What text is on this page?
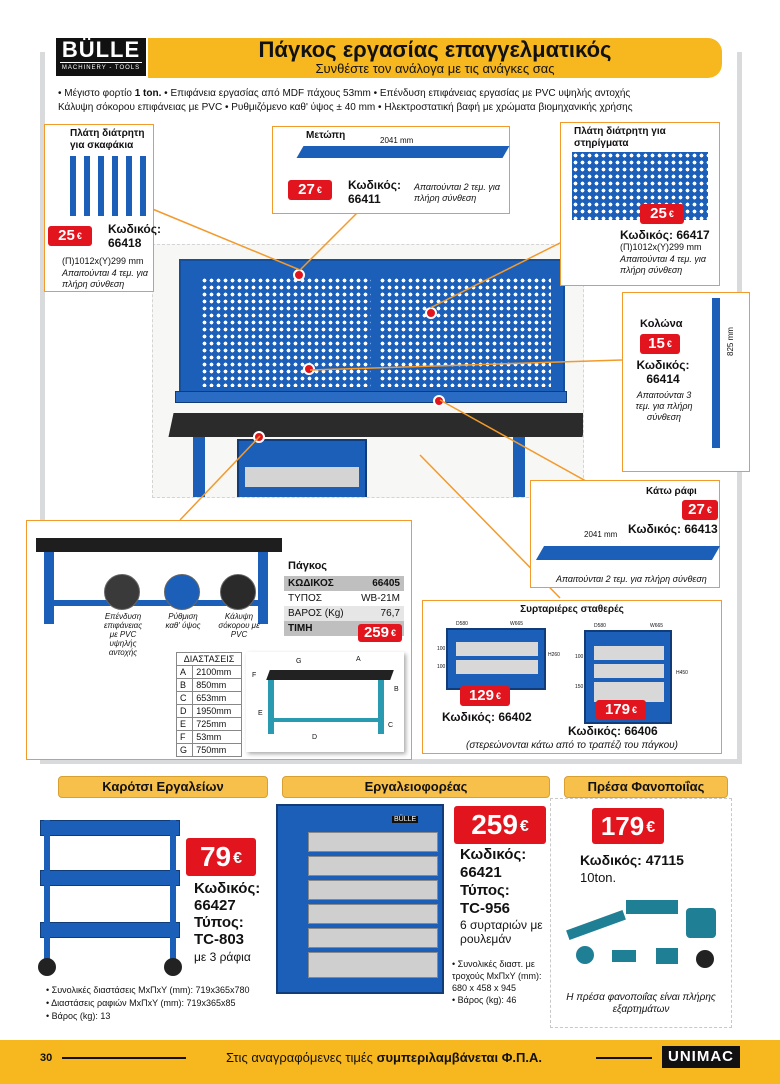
BÜLLE
MACHINERY - TOOLS
Πάγκος εργασίας επαγγελματικός
Συνθέστε τον ανάλογα με τις ανάγκες σας
• Μέγιστο φορτίο 1 ton. • Επιφάνεια εργασίας από MDF πάχους 53mm • Επένδυση επιφάνειας εργασίας με PVC υψηλής αντοχής
Κάλυψη σόκορου επιφάνειας με PVC • Ρυθμιζόμενο καθ' ύψος ± 40 mm • Ηλεκτροστατική βαφή με χρώματα βιομηχανικής χρήσης
Πλάτη διάτρητη για σκαφάκια
25 €
Κωδικός:
66418
(Π)1012x(Y)299 mm
Απαιτούνται 4 τεμ. για πλήρη σύνθεση
Μετώπη	2041 mm
27 €	Κωδικός:
66411
Απαιτούνται 2 τεμ. για πλήρη σύνθεση
Πλάτη διάτρητη για στηρίγματα
25 €
Κωδικός: 66417
(Π)1012x(Y)299 mm
Απαιτούνται 4 τεμ. για πλήρη σύνθεση
Κολώνα
15 €
Κωδικός:
66414
Απαιτούνται 3 τεμ. για πλήρη σύνθεση
825 mm
Κάτω ράφι
27 €
Κωδικός: 66413
2041 mm
Απαιτούνται 2 τεμ. για πλήρη σύνθεση
Επένδυση επιφάνειας με PVC υψηλής αντοχής
Ρύθμιση καθ' ύψος
Κάλυψη σόκορου με PVC
Πάγκος
ΚΩΔΙΚΟΣ	66405
ΤΥΠΟΣ	WB-21M
ΒΑΡΟΣ (Kg)	76,7
ΤΙΜΗ		259 €
ΔΙΑΣΤΑΣΕΙΣ	
A	2100mm
B	850mm
C	653mm
D	1950mm
E	725mm
F	53mm
G	750mm
A
B
C
D
E
F
G
Συρταριέρες σταθερές
D580	W665
H260
D580	W665
H450
100
100
100
150
129 €
Κωδικός: 66402	179 €
Κωδικός: 66406
(στερεώνονται κάτω από το τραπέζι του πάγκου)
Καρότσι Εργαλείων
79 €
Κωδικός:
66427
Τύπος:
TC-803
με 3 ράφια
• Συνολικές διαστάσεις ΜxΠxΥ (mm): 719x365x780
• Διαστάσεις ραφιών ΜxΠxΥ (mm): 719x365x85
• Βάρος (kg): 13
Εργαλειοφορέας
BÜLLE	259 €
Κωδικός:
66421
Τύπος:
TC-956
6 συρταριών με ρουλεμάν
• Συνολικές διαστ. με τροχούς ΜxΠxΥ (mm): 680 x 458 x 945
• Βάρος (kg): 46
Πρέσα Φανοποιΐας
179 €
Κωδικός: 47115
10ton.
Η πρέσα φανοποιΐας είναι πλήρης εξαρτημάτων
30	Στις αναγραφόμενες τιμές συμπεριλαμβάνεται Φ.Π.Α.	UNIMAC
